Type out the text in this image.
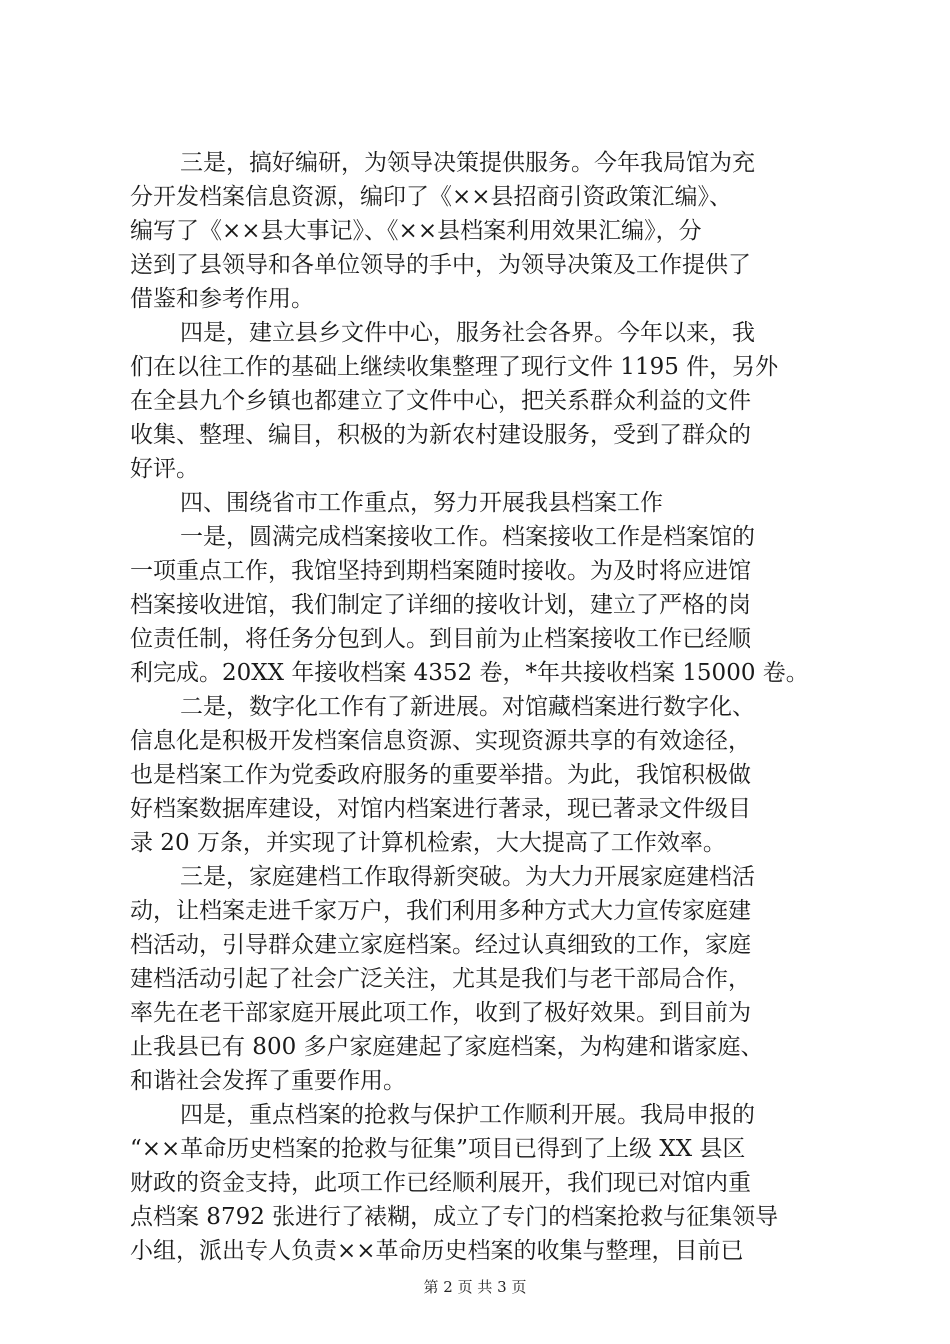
三是，搞好编研，为领导决策提供服务。今年我局馆为充
分开发档案信息资源，编印了《××县招商引资政策汇编》、
编写了《××县大事记》、《××县档案利用效果汇编》，分
送到了县领导和各单位领导的手中，为领导决策及工作提供了
借鉴和参考作用。
四是，建立县乡文件中心，服务社会各界。今年以来，我
们在以往工作的基础上继续收集整理了现行文件 1195 件，另外
在全县九个乡镇也都建立了文件中心，把关系群众利益的文件
收集、整理、编目，积极的为新农村建设服务，受到了群众的
好评。
四、围绕省市工作重点，努力开展我县档案工作
一是，圆满完成档案接收工作。档案接收工作是档案馆的
一项重点工作，我馆坚持到期档案随时接收。为及时将应进馆
档案接收进馆，我们制定了详细的接收计划，建立了严格的岗
位责任制，将任务分包到人。到目前为止档案接收工作已经顺
利完成。20XX 年接收档案 4352 卷，*年共接收档案 15000 卷。
二是，数字化工作有了新进展。对馆藏档案进行数字化、
信息化是积极开发档案信息资源、实现资源共享的有效途径，
也是档案工作为党委政府服务的重要举措。为此，我馆积极做
好档案数据库建设，对馆内档案进行著录，现已著录文件级目
录 20 万条，并实现了计算机检索，大大提高了工作效率。
三是，家庭建档工作取得新突破。为大力开展家庭建档活
动，让档案走进千家万户，我们利用多种方式大力宣传家庭建
档活动，引导群众建立家庭档案。经过认真细致的工作，家庭
建档活动引起了社会广泛关注，尤其是我们与老干部局合作，
率先在老干部家庭开展此项工作，收到了极好效果。到目前为
止我县已有 800 多户家庭建起了家庭档案，为构建和谐家庭、
和谐社会发挥了重要作用。
四是，重点档案的抢救与保护工作顺利开展。我局申报的
“××革命历史档案的抢救与征集”项目已得到了上级 XX 县区
财政的资金支持，此项工作已经顺利展开，我们现已对馆内重
点档案 8792 张进行了裱糊，成立了专门的档案抢救与征集领导
小组，派出专人负责××革命历史档案的收集与整理，目前已
第 2 页 共 3 页
